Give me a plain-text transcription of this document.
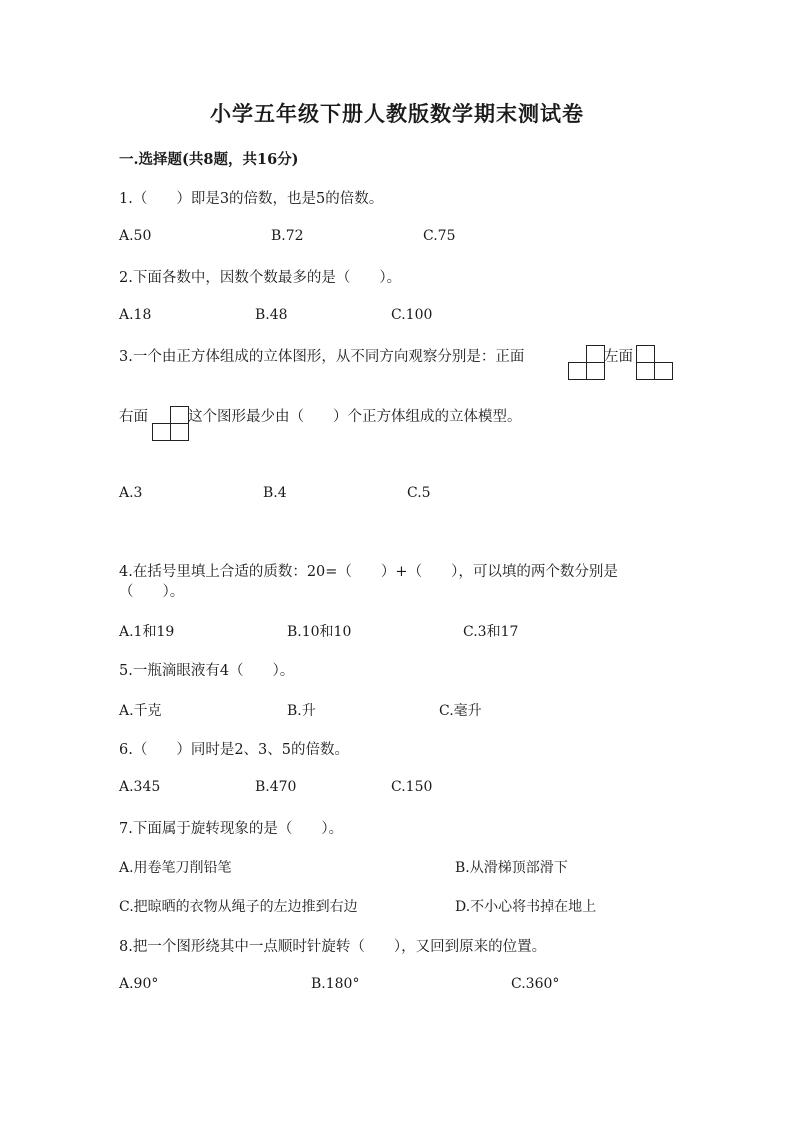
小学五年级下册人教版数学期末测试卷
一.选择题(共8题，共16分)
1.（　　）即是3的倍数，也是5的倍数。
A.50	B.72	C.75
2.下面各数中，因数个数最多的是（　　）。
A.18	B.48	C.100
3.一个由正方体组成的立体图形，从不同方向观察分别是：正面	左面
右面	这个图形最少由（　　）个正方体组成的立体模型。
A.3	B.4	C.5
4.在括号里填上合适的质数：20=（　　）+（　　），可以填的两个数分别是
（　　）。
A.1和19	B.10和10	C.3和17
5.一瓶滴眼液有4（　　）。
A.千克	B.升	C.毫升
6.（　　）同时是2、3、5的倍数。
A.345	B.470	C.150
7.下面属于旋转现象的是（　　）。
A.用卷笔刀削铅笔	B.从滑梯顶部滑下
C.把晾晒的衣物从绳子的左边推到右边	D.不小心将书掉在地上
8.把一个图形绕其中一点顺时针旋转（　　），又回到原来的位置。
A.90°	B.180°	C.360°
